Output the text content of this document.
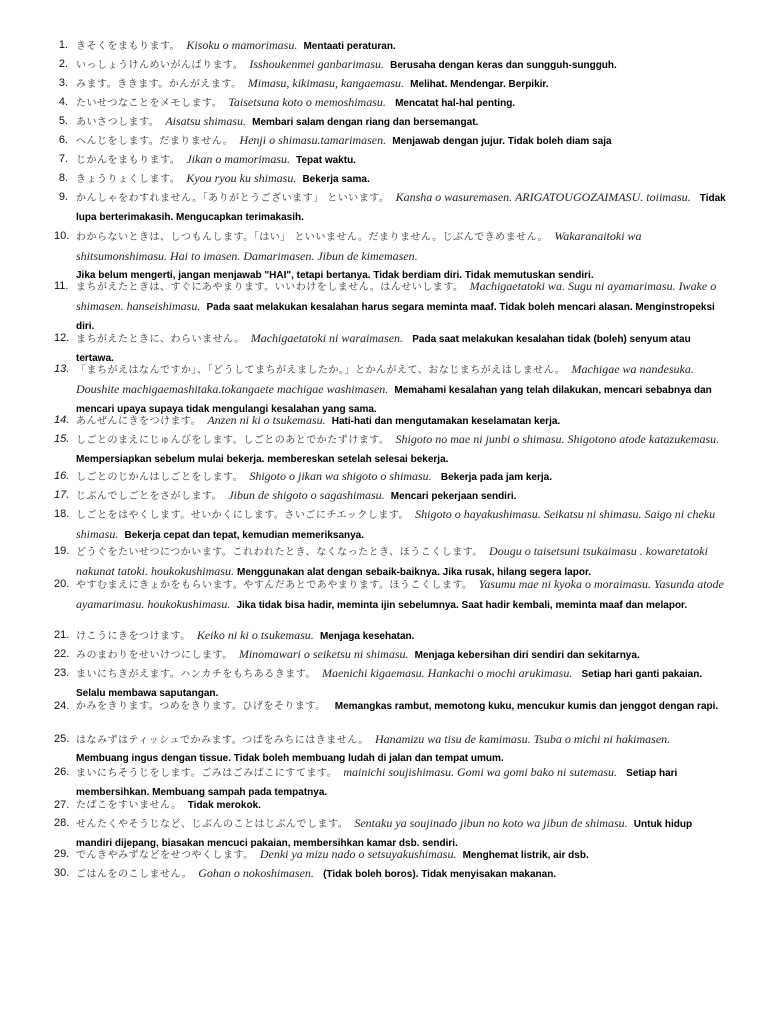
1. きそくをまもります。 Kisoku o mamorimasu. Mentaati peraturan.
2. いっしょうけんめいがんばります。 Isshoukenmei ganbarimasu. Berusaha dengan keras dan sungguh-sungguh.
3. みます。ききます。かんがえます。 Mimasu, kikimasu, kangaemasu. Melihat. Mendengar. Berpikir.
4. たいせつなことをメモします。 Taisetsuna koto o memoshimasu. Mencatat hal-hal penting.
5. あいさつします。 Aisatsu shimasu. Membari salam dengan riang dan bersemangat.
6. へんじをします。だまりません。 Henji o shimasu.tamarimasen. Menjawab dengan jujur. Tidak boleh diam saja
7. じかんをまもります。 Jikan o mamorimasu. Tepat waktu.
8. きょうりょくします。 Kyou ryou ku shimasu. Bekerja sama.
9. かんしゃをわすれません。「ありがとうございます」 といいます。 Kansha o wasuremasen. ARIGATOUGOZAIMASU. toiimasu. Tidak lupa berterimakasih. Mengucapkan terimakasih.
10. わからないときは、しつもんします。「はい」 といいません。だまりません。じぶんできめません。 Wakaranaitoki wa shitsumonshimasu. Hai to imasen. Damarimasen. Jibun de kimemasen.
Jika belum mengerti, jangan menjawab "HAI", tetapi bertanya. Tidak berdiam diri. Tidak memutuskan sendiri.
11. まちがえたときは、すぐにあやまります。いいわけをしません。はんせいします。 Machigaetatoki wa. Sugu ni ayamarimasu. Iwake o shimasen. hanseishimasu. Pada saat melakukan kesalahan harus segara meminta maaf. Tidak boleh mencari alasan. Menginstropeksi diri.
12. まちがえたときに、わらいません。 Machigaetatoki ni waraimasen. Pada saat melakukan kesalahan tidak (boleh) senyum atau tertawa.
13. 「まちがえはなんですか」、「どうしてまちがえましたか。」とかんがえて、おなじまちがえはしません。 Machigae wa nandesuka. Doushite machigaemashitaka.tokangaete machigae washimasen. Memahami kesalahan yang telah dilakukan, mencari sebabnya dan mencari upaya supaya tidak mengulangi kesalahan yang sama.
14. あんぜんにきをつけます。 Anzen ni ki o tsukemasu. Hati-hati dan mengutamakan keselamatan kerja.
15. しごとのまえにじゅんびをします。しごとのあとでかたずけます。 Shigoto no mae ni junbi o shimasu. Shigotono atode katazukemasu.  Mempersiapkan sebelum mulai bekerja. membereskan setelah selesai bekerja.
16. しごとのじかんはしごとをします。 Shigoto o jikan wa shigoto o shimasu. Bekerja pada jam kerja.
17. じぶんでしごとをさがします。 Jibun de shigoto o sagashimasu. Mencari pekerjaan sendiri.
18. しごとをはやくします。せいかくにします。さいごにチエックします。 Shigoto o hayakushimasu. Seikatsu ni shimasu. Saigo ni cheku shimasu. Bekerja cepat dan tepat, kemudian memeriksanya.
19. どうぐをたいせつにつかいます。これわれたとき、なくなったとき、ほうこくします。 Dougu o taisetsuni tsukaimasu . kowaretatoki nakunat tatoki. houkokushimasu. Menggunakan alat dengan sebaik-baiknya. Jika rusak, hilang segera lapor.
20. やすむまえにきょかをもらいます。やすんだあとであやまります。ほうこくします。 Yasumu mae ni kyoka o moraimasu. Yasunda atode ayamarimasu. houkokushimasu. Jika tidak bisa hadir, meminta ijin sebelumnya. Saat hadir kembali, meminta maaf dan melapor.
21. けこうにきをつけます。 Keiko ni ki o tsukemasu. Menjaga kesehatan.
22. みのまわりをせいけつにします。 Minomawari o seiketsu ni shimasu. Menjaga kebersihan diri sendiri dan sekitarnya.
23. まいにちきがえます。ハンカチをもちあるきます。 Maenichi kigaemasu. Hankachi o mochi arukimasu. Setiap hari ganti pakaian. Selalu membawa saputangan.
24. かみをきります。つめをきります。ひげをそります。 Memangkas rambut, memotong kuku, mencukur kumis dan jenggot dengan rapi.
25. はなみずはティッシュでかみます。つばをみちにはきません。 Hanamizu wa tisu de kamimasu. Tsuba o michi ni hakimasen.
Membuang ingus dengan tissue. Tidak boleh membuang ludah di jalan dan tempat umum.
26. まいにちそうじをします。ごみはごみばこにすてます。 mainichi soujishimasu. Gomi wa gomi bako ni sutemasu. Setiap hari membersihkan. Membuang sampah pada tempatnya.
27. たばこをすいません。 Tidak merokok.
28. せんたくやそうじなど、じぶんのことはじぶんでします。 Sentaku ya soujinado jibun no koto wa jibun de shimasu. Untuk hidup mandiri dijepang, biasakan mencuci pakaian, membersihkan kamar dsb. sendiri.
29. でんきやみずなどをせつやくします。 Denki ya mizu nado o setsuyakushimasu. Menghemat listrik, air dsb.
30. ごはんをのこしません。 Gohan o nokoshimasen. (Tidak boleh boros). Tidak menyisakan makanan.
